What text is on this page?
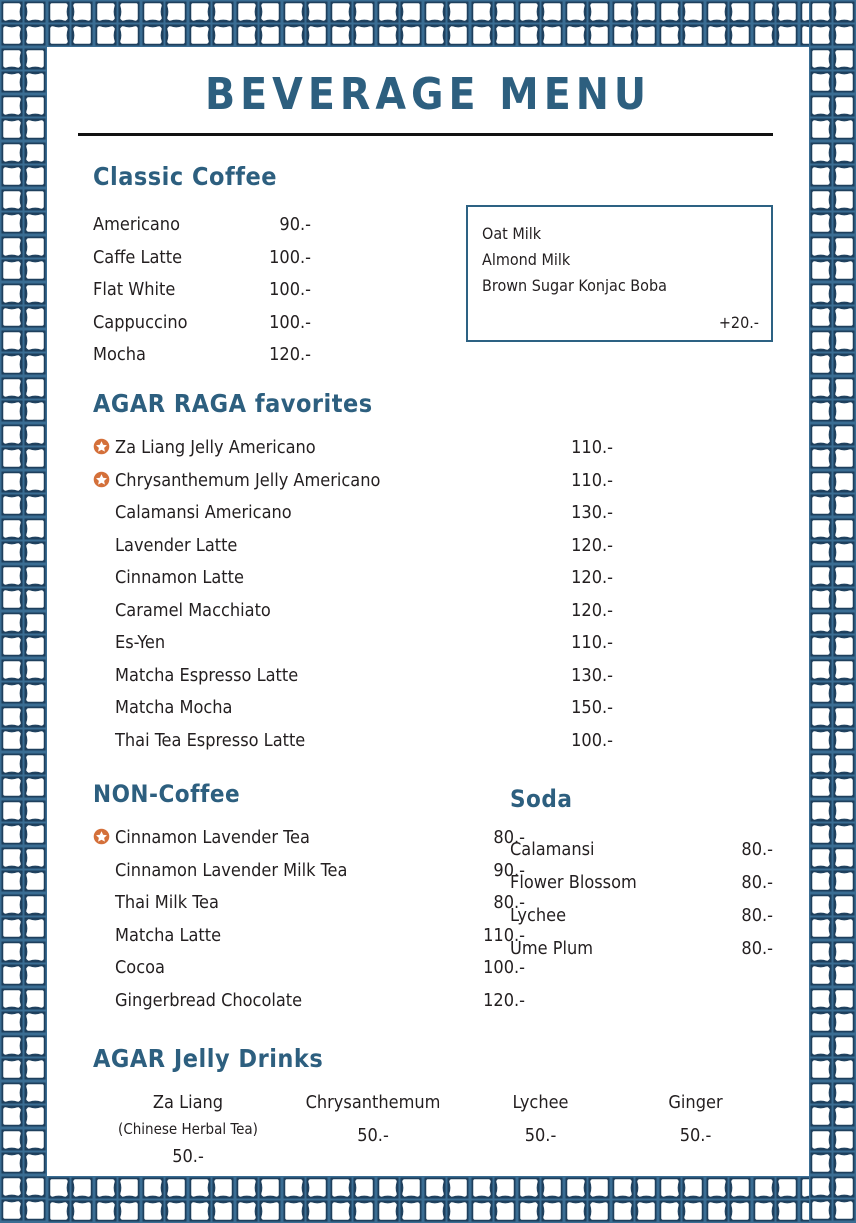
BEVERAGE MENU
Classic Coffee
Americano	90.-
Caffe Latte	100.-
Flat White	100.-
Cappuccino	100.-
Mocha	120.-
Oat Milk
Almond Milk
Brown Sugar Konjac Boba
+20.-
AGAR RAGA favorites
Za Liang Jelly Americano	110.-
Chrysanthemum Jelly Americano	110.-
Calamansi Americano	130.-
Lavender Latte	120.-
Cinnamon Latte	120.-
Caramel Macchiato	120.-
Es-Yen	110.-
Matcha Espresso Latte	130.-
Matcha Mocha	150.-
Thai Tea Espresso Latte	100.-
NON-Coffee
Cinnamon Lavender Tea	80.-
Cinnamon Lavender Milk Tea	90.-
Thai Milk Tea	80.-
Matcha Latte	110.-
Cocoa	100.-
Gingerbread Chocolate	120.-
Soda
Calamansi	80.-
Flower Blossom	80.-
Lychee	80.-
Ume Plum	80.-
AGAR Jelly Drinks
Za Liang
(Chinese Herbal Tea)
50.-
Chrysanthemum
50.-
Lychee
50.-
Ginger
50.-
